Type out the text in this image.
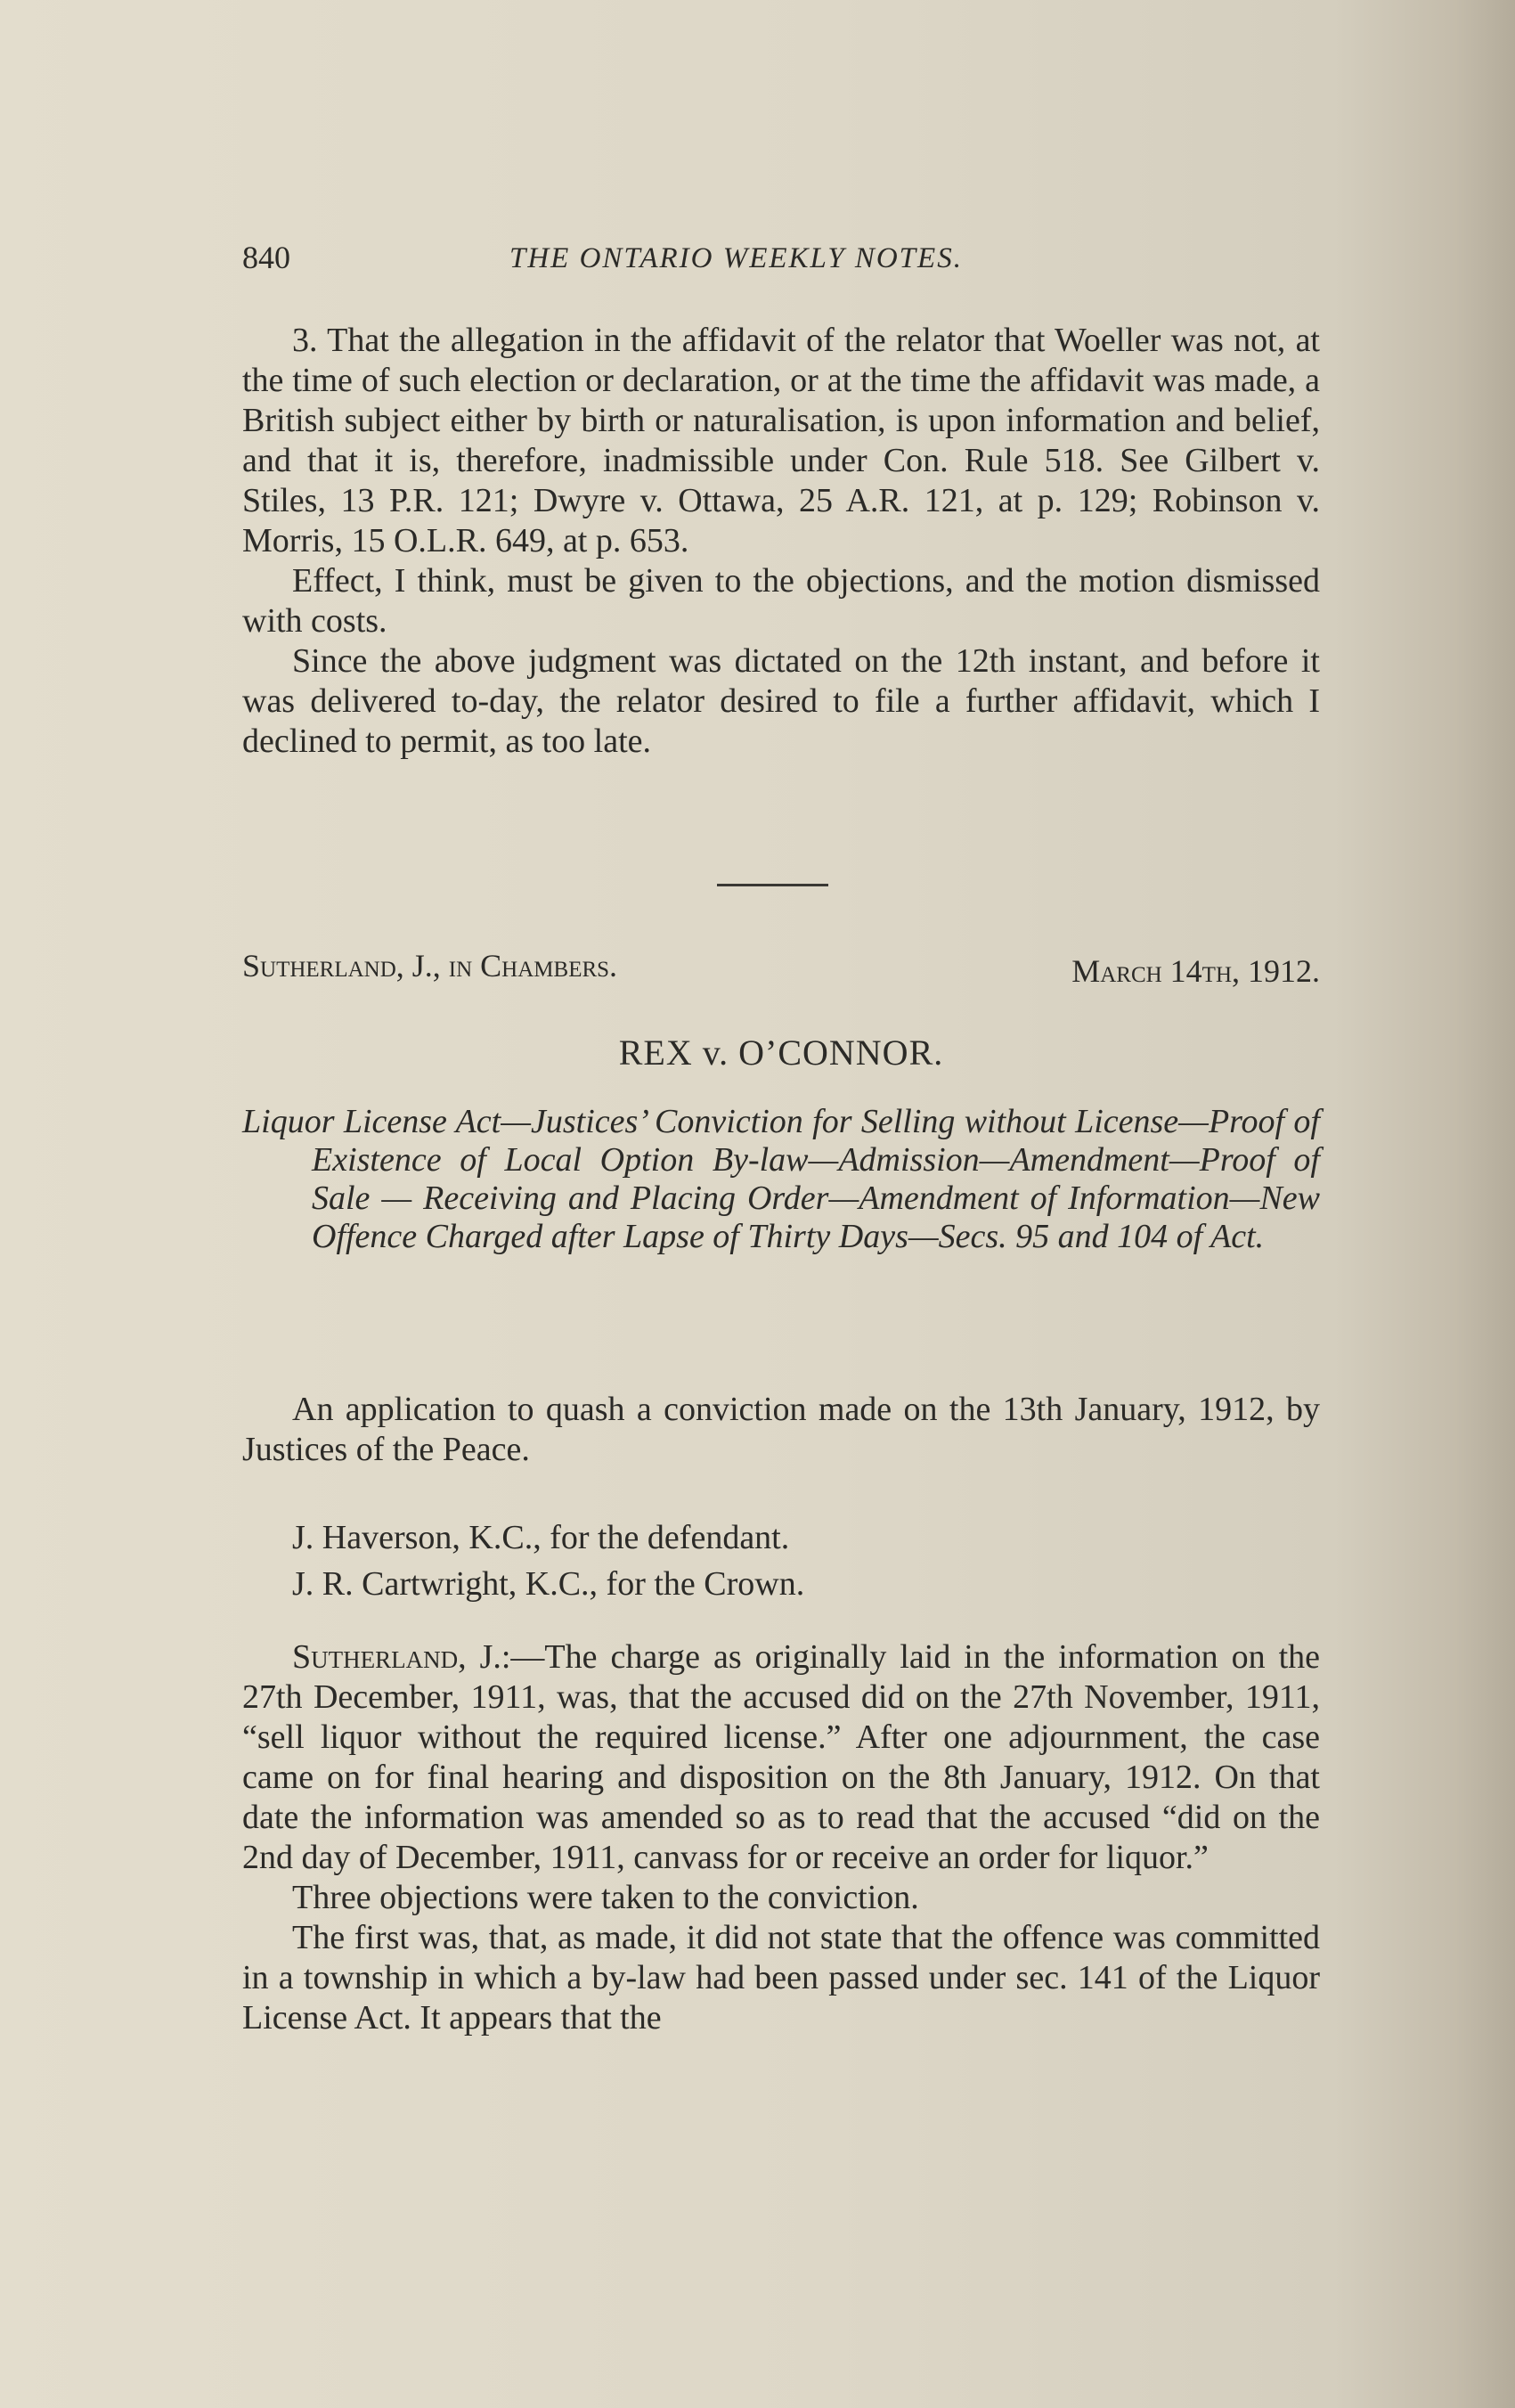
840	THE ONTARIO WEEKLY NOTES.

3. That the allegation in the affidavit of the relator that Woeller was not, at the time of such election or declaration, or at the time the affidavit was made, a British subject either by birth or naturalisation, is upon information and belief, and that it is, therefore, inadmissible under Con. Rule 518. See Gilbert v. Stiles, 13 P.R. 121; Dwyre v. Ottawa, 25 A.R. 121, at p. 129; Robinson v. Morris, 15 O.L.R. 649, at p. 653.

Effect, I think, must be given to the objections, and the motion dismissed with costs.

Since the above judgment was dictated on the 12th instant, and before it was delivered to-day, the relator desired to file a further affidavit, which I declined to permit, as too late.

Sutherland, J., in Chambers.	March 14th, 1912.
REX v. O’CONNOR.

Liquor License Act—Justices’ Conviction for Selling without License—Proof of Existence of Local Option By-law—Admission—Amendment—Proof of Sale — Receiving and Placing Order—Amendment of Information—New Offence Charged after Lapse of Thirty Days—Secs. 95 and 104 of Act.

An application to quash a conviction made on the 13th January, 1912, by Justices of the Peace.

J. Haverson, K.C., for the defendant.

J. R. Cartwright, K.C., for the Crown.

Sutherland, J.:—The charge as originally laid in the information on the 27th December, 1911, was, that the accused did on the 27th November, 1911, “sell liquor without the required license.” After one adjournment, the case came on for final hearing and disposition on the 8th January, 1912. On that date the information was amended so as to read that the accused “did on the 2nd day of December, 1911, canvass for or receive an order for liquor.”

Three objections were taken to the conviction.

The first was, that, as made, it did not state that the offence was committed in a township in which a by-law had been passed under sec. 141 of the Liquor License Act. It appears that the
